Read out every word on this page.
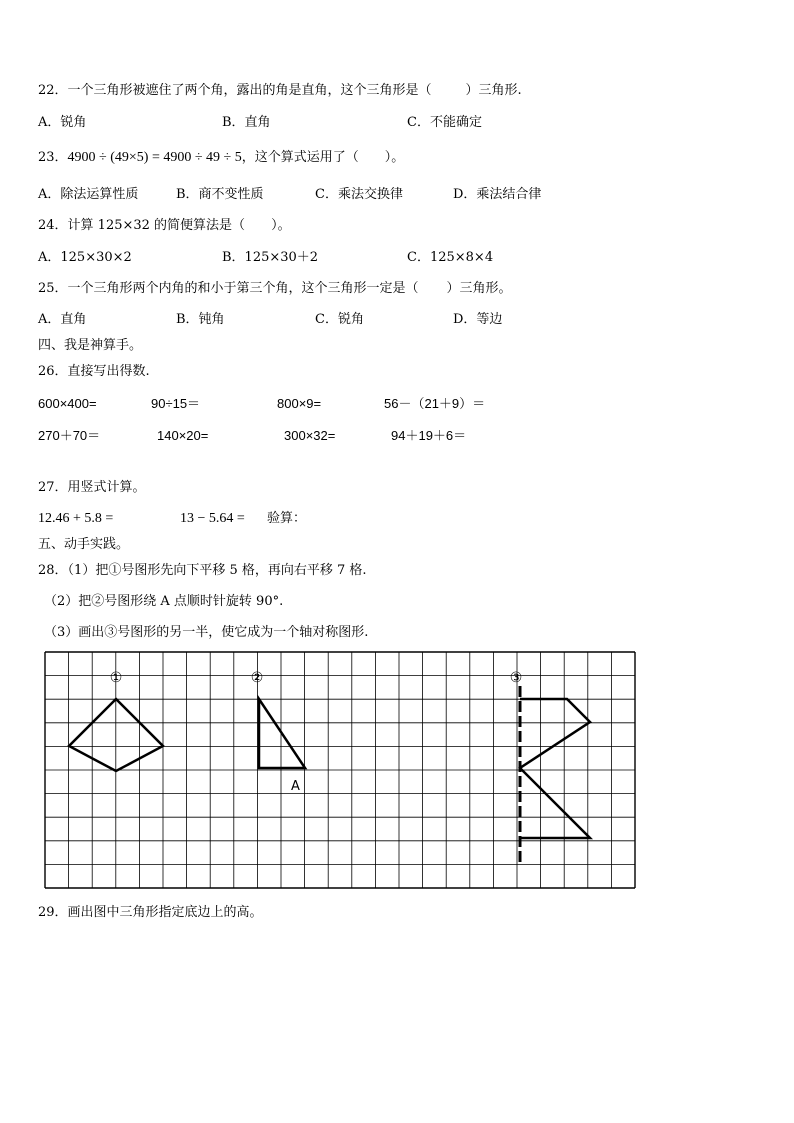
22．一个三角形被遮住了两个角，露出的角是直角，这个三角形是（	）三角形.
A．锐角	B．直角	C．不能确定
23．4900 ÷ (49×5) = 4900 ÷ 49 ÷ 5，这个算式运用了（ ）。
A．除法运算性质	B．商不变性质	C．乘法交换律	D．乘法结合律
24．计算 125×32 的简便算法是（ ）。
A．125×30×2	B．125×30＋2	C．125×8×4
25．一个三角形两个内角的和小于第三个角，这个三角形一定是（ ）三角形。
A．直角	B．钝角	C．锐角	D．等边
四、我是神算手。
26．直接写出得数.
600×400=	90÷15＝	800×9=	56－（21＋9）＝
270＋70＝	140×20=	300×32=	94＋19＋6＝
27．用竖式计算。
12.46 + 5.8 =	13 − 5.64 = 验算：
五、动手实践。
28．（1）把①号图形先向下平移 5 格，再向右平移 7 格.
（2）把②号图形绕 A 点顺时针旋转 90°.
（3）画出③号图形的另一半，使它成为一个轴对称图形.
①	②	③
A
29．画出图中三角形指定底边上的高。
